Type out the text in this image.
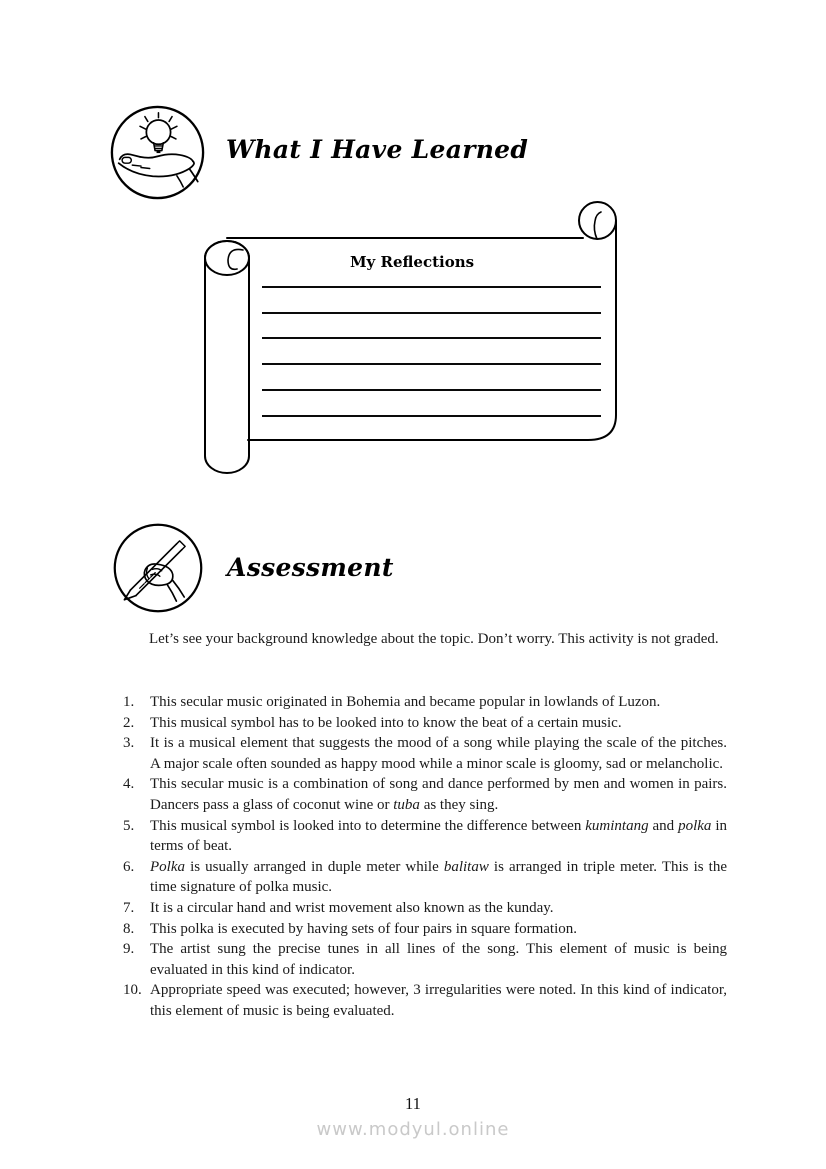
What I Have Learned
My Reflections
Assessment
Let’s see your background knowledge about the topic. Don’t worry. This activity is not graded.
1.	This secular music originated in Bohemia and became popular in lowlands of Luzon.
2.	This musical symbol has to be looked into to know the beat of a certain music.
3.	It is a musical element that suggests the mood of a song while playing the scale of the pitches. A major scale often sounded as happy mood while a minor scale is gloomy, sad or melancholic.
4.	This secular music is a combination of song and dance performed by men and women in pairs. Dancers pass a glass of coconut wine or tuba as they sing.
5.	This musical symbol is looked into to determine the difference between kumintang and polka in terms of beat.
6.	Polka is usually arranged in duple meter while balitaw is arranged in triple meter. This is the time signature of polka music.
7.	It is a circular hand and wrist movement also known as the kunday.
8.	This polka is executed by having sets of four pairs in square formation.
9.	The artist sung the precise tunes in all lines of the song. This element of music is being evaluated in this kind of indicator.
10. Appropriate speed was executed; however, 3 irregularities were noted. In this kind of indicator, this element of music is being evaluated.
11
www.modyul.online
